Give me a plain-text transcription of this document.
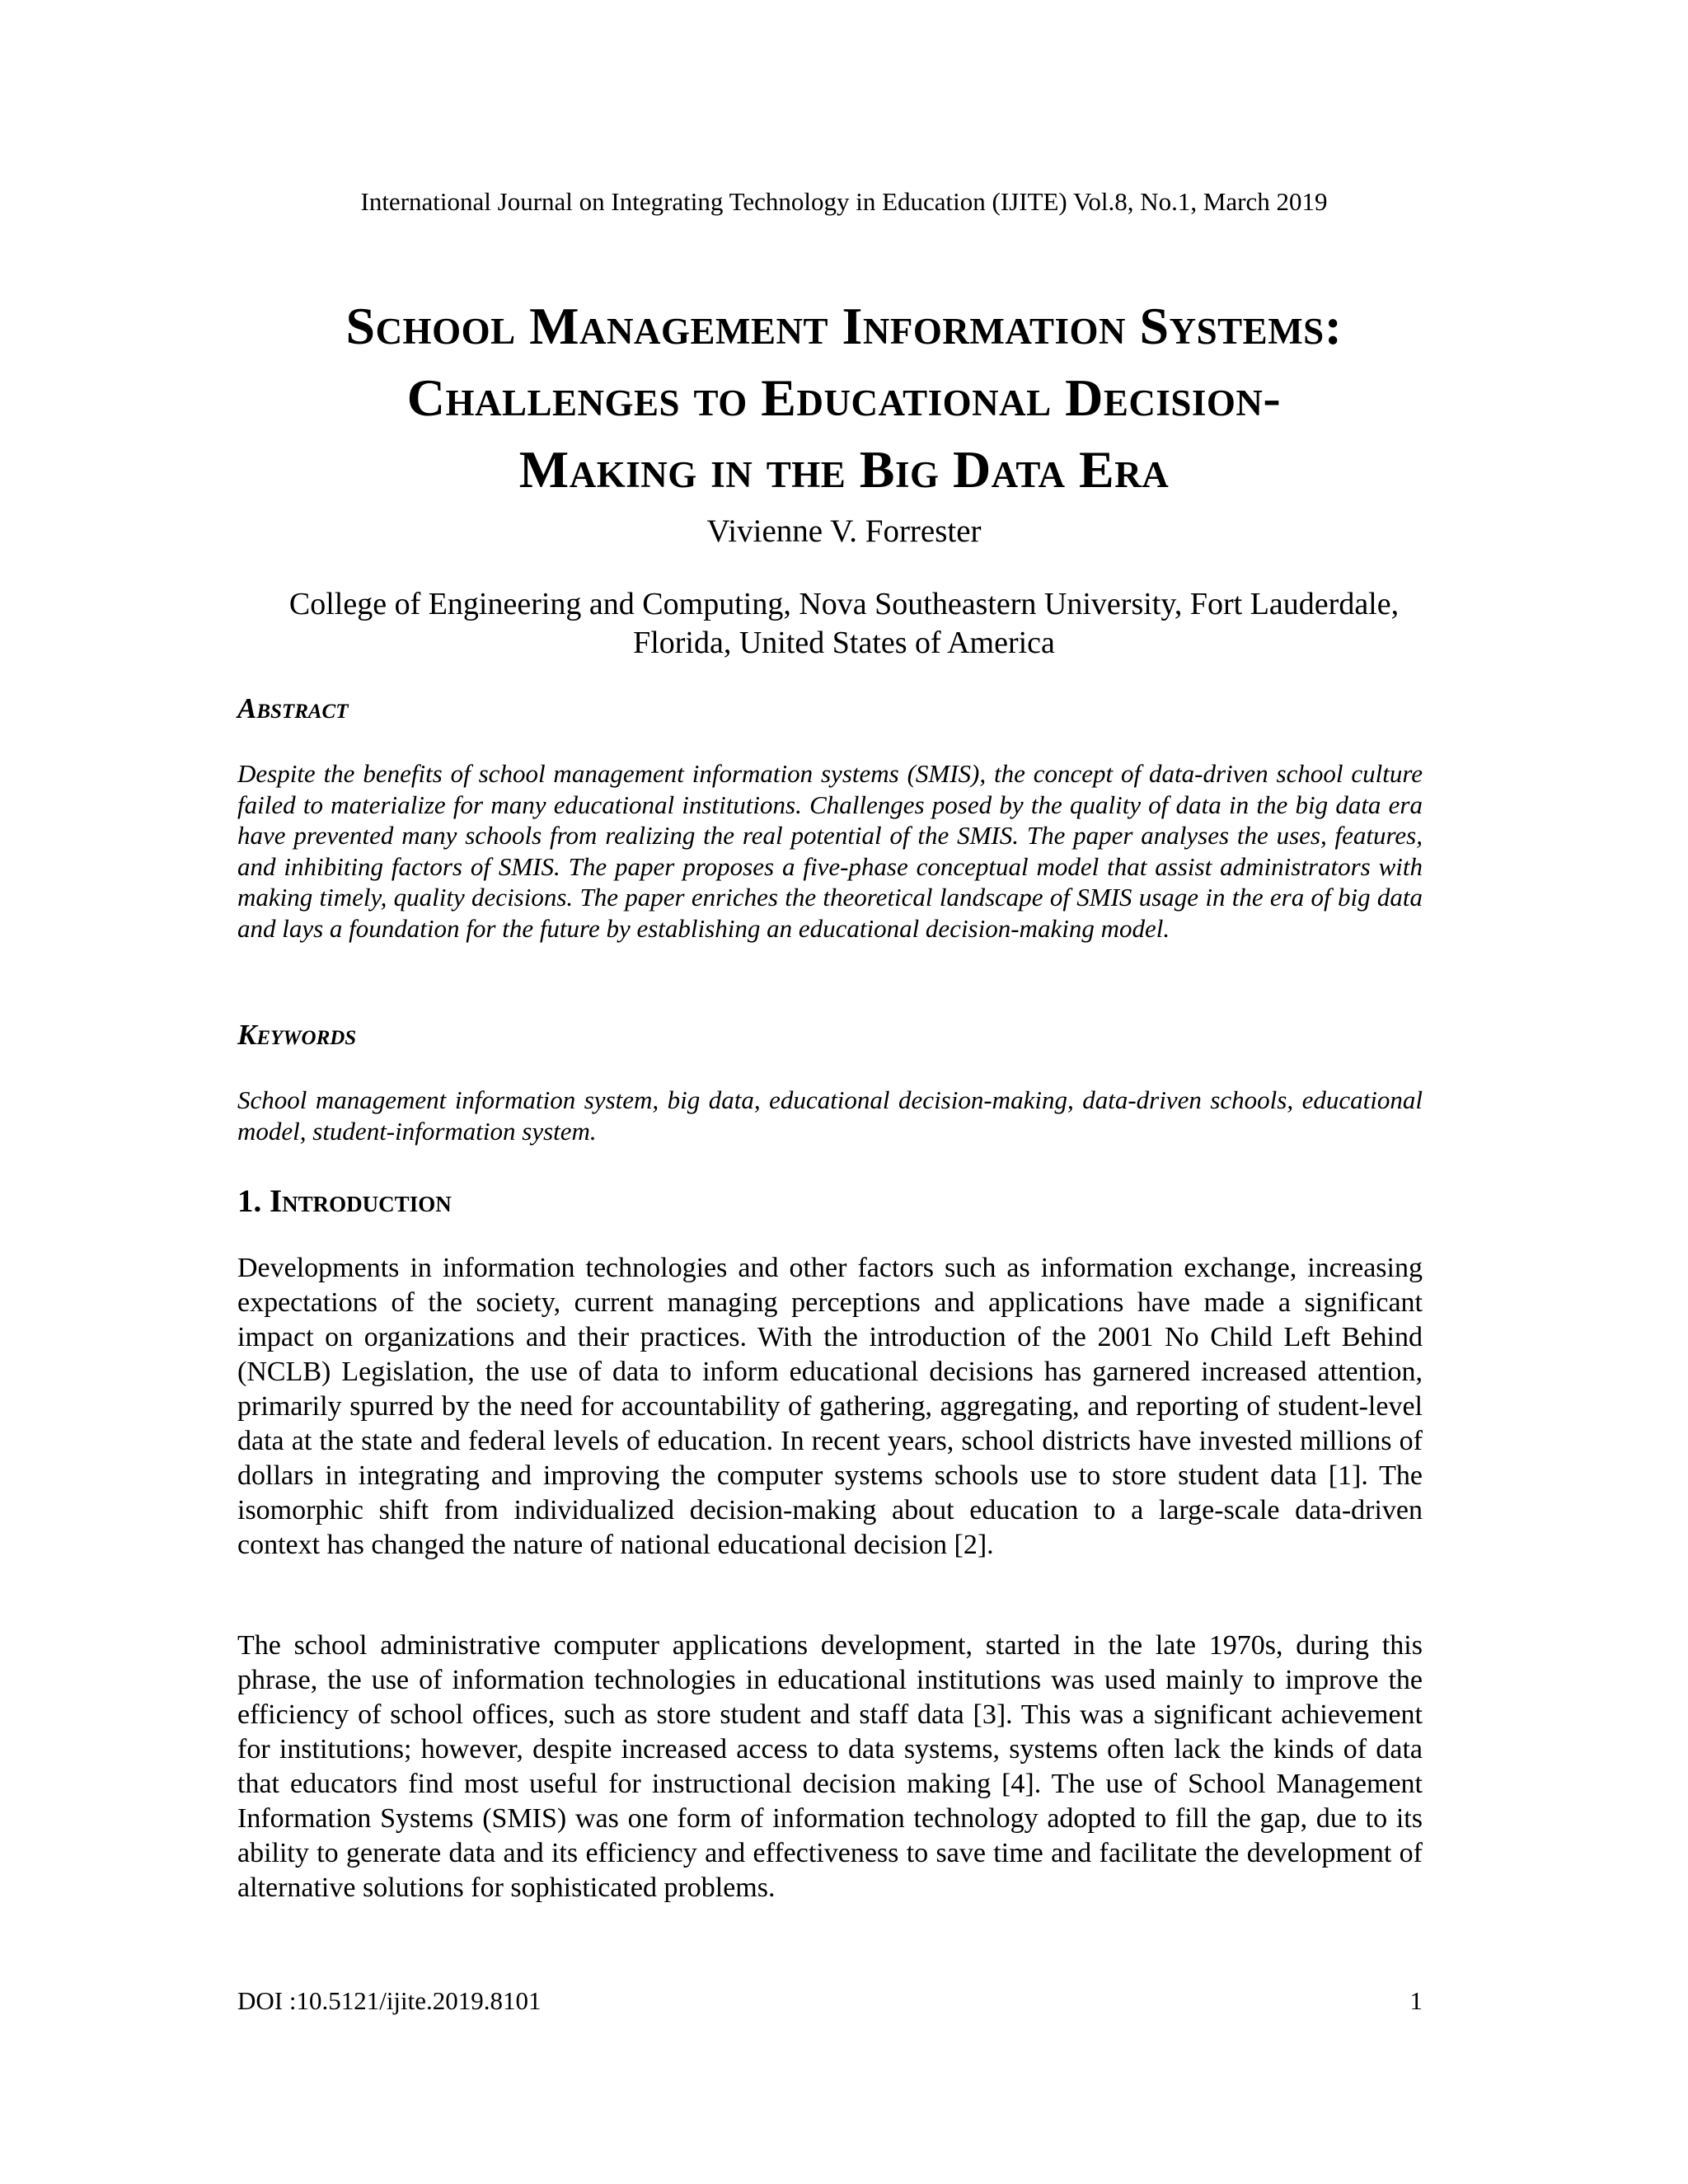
International Journal on Integrating Technology in Education (IJITE) Vol.8, No.1, March 2019
School Management Information Systems:
Challenges to Educational Decision-
Making in the Big Data Era
Vivienne V. Forrester
College of Engineering and Computing, Nova Southeastern University, Fort Lauderdale,
Florida, United States of America
Abstract
Despite the benefits of school management information systems (SMIS), the concept of data-driven school culture failed to materialize for many educational institutions. Challenges posed by the quality of data in the big data era have prevented many schools from realizing the real potential of the SMIS. The paper analyses the uses, features, and inhibiting factors of SMIS. The paper proposes a five-phase conceptual model that assist administrators with making timely, quality decisions. The paper enriches the theoretical landscape of SMIS usage in the era of big data and lays a foundation for the future by establishing an educational decision-making model.
Keywords
School management information system, big data, educational decision-making, data-driven schools, educational model, student-information system.
1. Introduction
Developments in information technologies and other factors such as information exchange, increasing expectations of the society, current managing perceptions and applications have made a significant impact on organizations and their practices. With the introduction of the 2001 No Child Left Behind (NCLB) Legislation, the use of data to inform educational decisions has garnered increased attention, primarily spurred by the need for accountability of gathering, aggregating, and reporting of student-level data at the state and federal levels of education. In recent years, school districts have invested millions of dollars in integrating and improving the computer systems schools use to store student data [1]. The isomorphic shift from individualized decision-making about education to a large-scale data-driven context has changed the nature of national educational decision [2].
The school administrative computer applications development, started in the late 1970s, during this phrase, the use of information technologies in educational institutions was used mainly to improve the efficiency of school offices, such as store student and staff data [3]. This was a significant achievement for institutions; however, despite increased access to data systems, systems often lack the kinds of data that educators find most useful for instructional decision making [4]. The use of School Management Information Systems (SMIS) was one form of information technology adopted to fill the gap, due to its ability to generate data and its efficiency and effectiveness to save time and facilitate the development of alternative solutions for sophisticated problems.
DOI :10.5121/ijite.2019.8101	1
